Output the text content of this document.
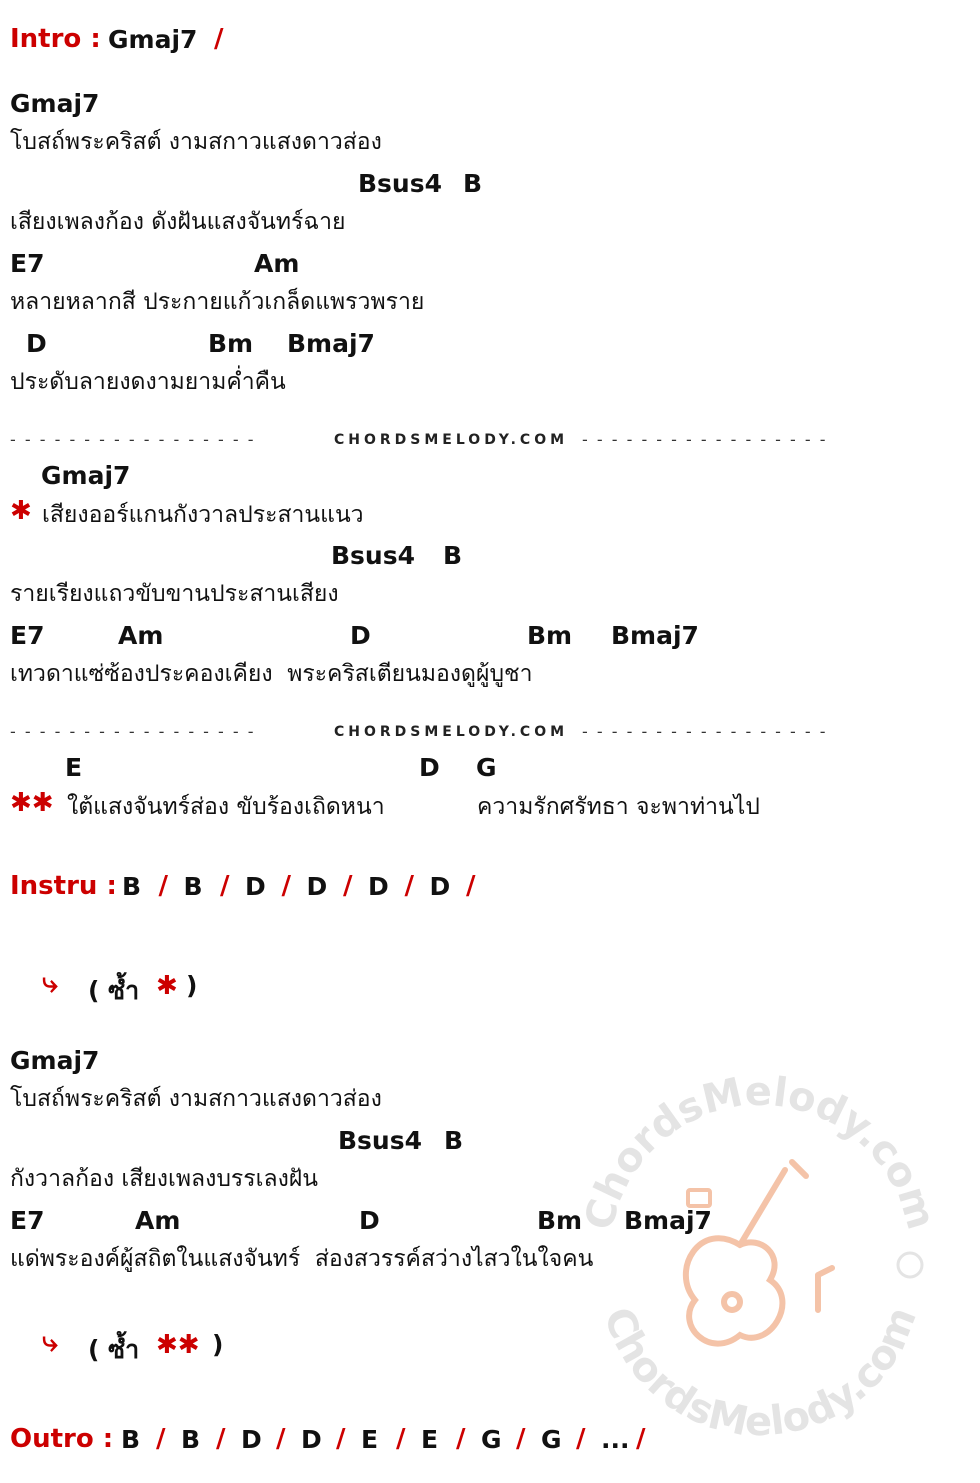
Intro : Gmaj7 /
Gmaj7
โบสถ์พระคริสต์ งามสกาวแสงดาวส่อง
Bsus4 B
เสียงเพลงก้อง ดังฝันแสงจันทร์ฉาย
E7	Am
หลายหลากสี ประกายแก้วเกล็ดแพรวพราย
D	Bm Bmaj7
ประดับลายงดงามยามค่ำคืน
- - - - - - - - - - - - - - - - -	CHORDSMELODY.COM - - - - - - - - - - - - - - - - -
Gmaj7
✱ เสียงออร์แกนกังวาลประสานแนว
Bsus4 B
รายเรียงแถวขับขานประสานเสียง
E7	Am	D	Bm Bmaj7
เทวดาแซ่ซ้องประคองเคียง  พระคริสเตียนมองดูผู้บูชา
- - - - - - - - - - - - - - - - -	CHORDSMELODY.COM - - - - - - - - - - - - - - - - -
E	D G
✱✱ ใต้แสงจันทร์ส่อง ขับร้องเถิดหนา	ความรักศรัทธา จะพาท่านไป
Instru : B / B / D / D / D / D /
⤷ ( ซ้ำ ✱ )
Gmaj7
โบสถ์พระคริสต์ งามสกาวแสงดาวส่อง
Bsus4 B
กังวาลก้อง เสียงเพลงบรรเลงฝัน
E7	Am	D	Bm Bmaj7
แด่พระองค์ผู้สถิตในแสงจันทร์  ส่องสวรรค์สว่างไสวในใจคน
⤷ ( ซ้ำ ✱✱ )
Outro : B / B / D / D / E / E / G / G / ... /
ChordsMelody.com
ChordsMelody.com
